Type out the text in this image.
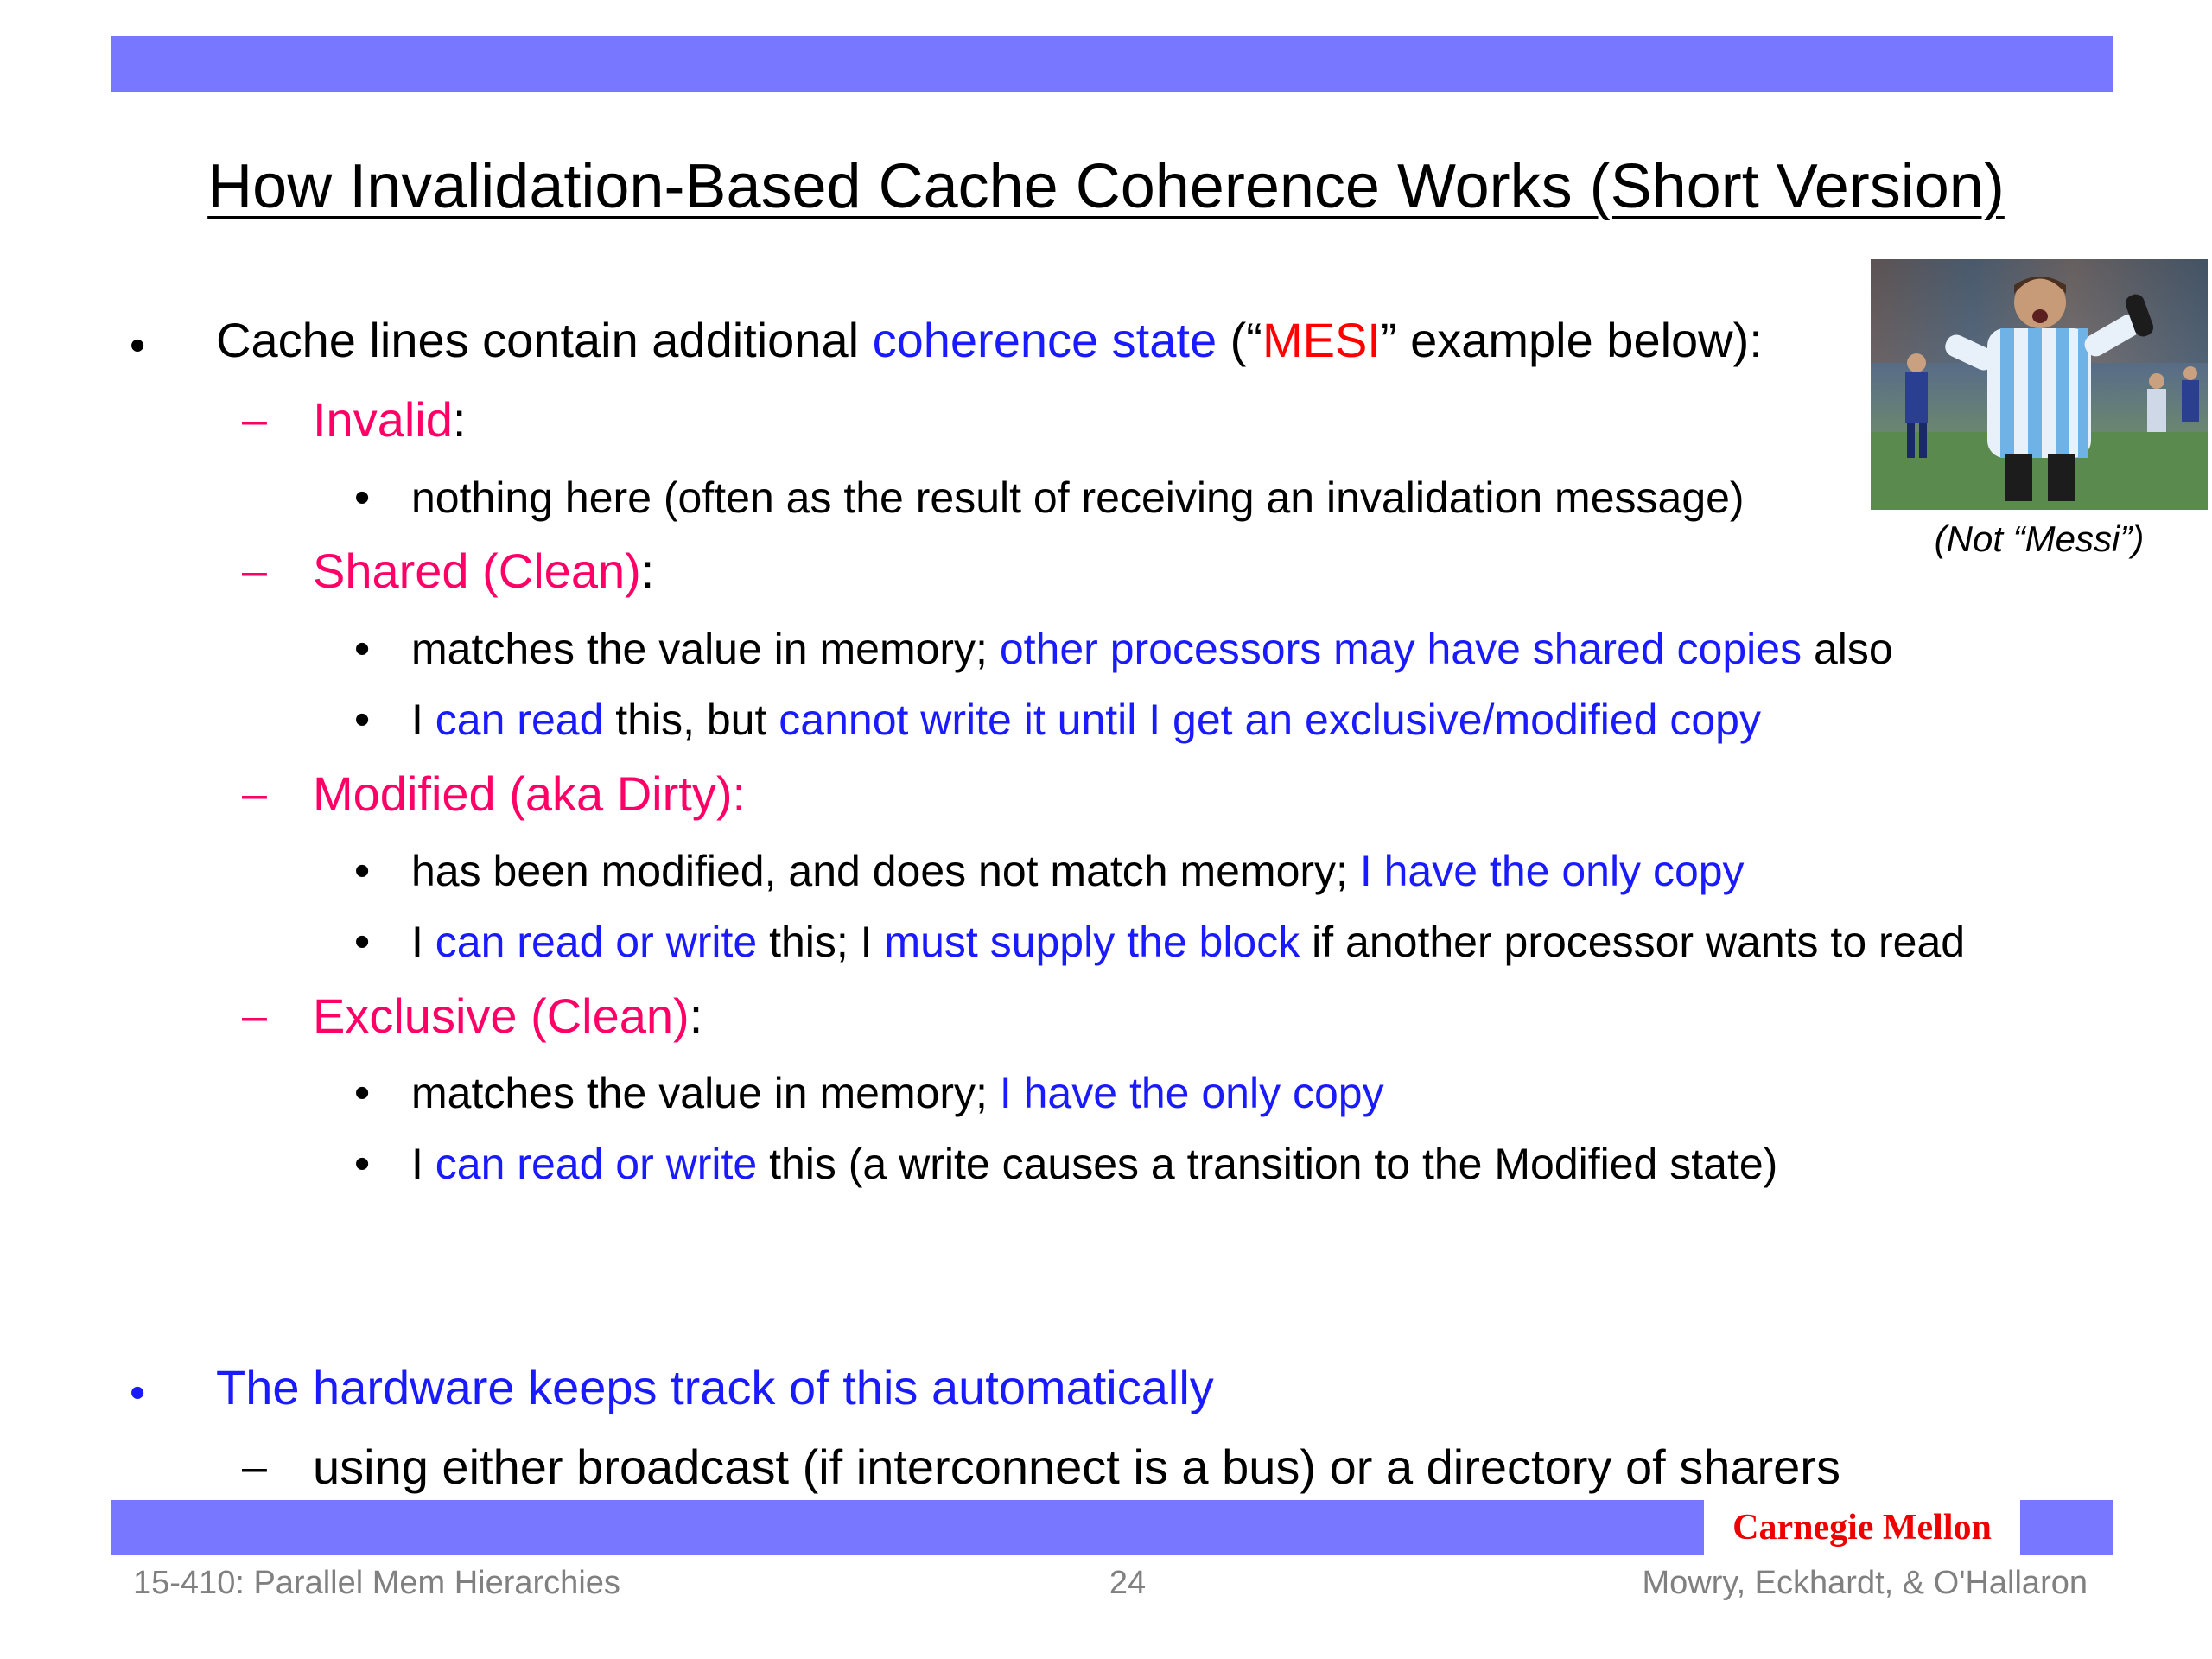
How Invalidation-Based Cache Coherence Works (Short Version)
• Cache lines contain additional coherence state (“MESI” example below):
– Invalid:
• nothing here (often as the result of receiving an invalidation message)
– Shared (Clean):
• matches the value in memory; other processors may have shared copies also
• I can read this, but cannot write it until I get an exclusive/modified copy
– Modified (aka Dirty):
• has been modified, and does not match memory; I have the only copy
• I can read or write this; I must supply the block if another processor wants to read
– Exclusive (Clean):
• matches the value in memory; I have the only copy
• I can read or write this (a write causes a transition to the Modified state)
• The hardware keeps track of this automatically
– using either broadcast (if interconnect is a bus) or a directory of sharers
(Not “Messi”)
Carnegie Mellon
15-410: Parallel Mem Hierarchies	24	Mowry, Eckhardt, & O'Hallaron
